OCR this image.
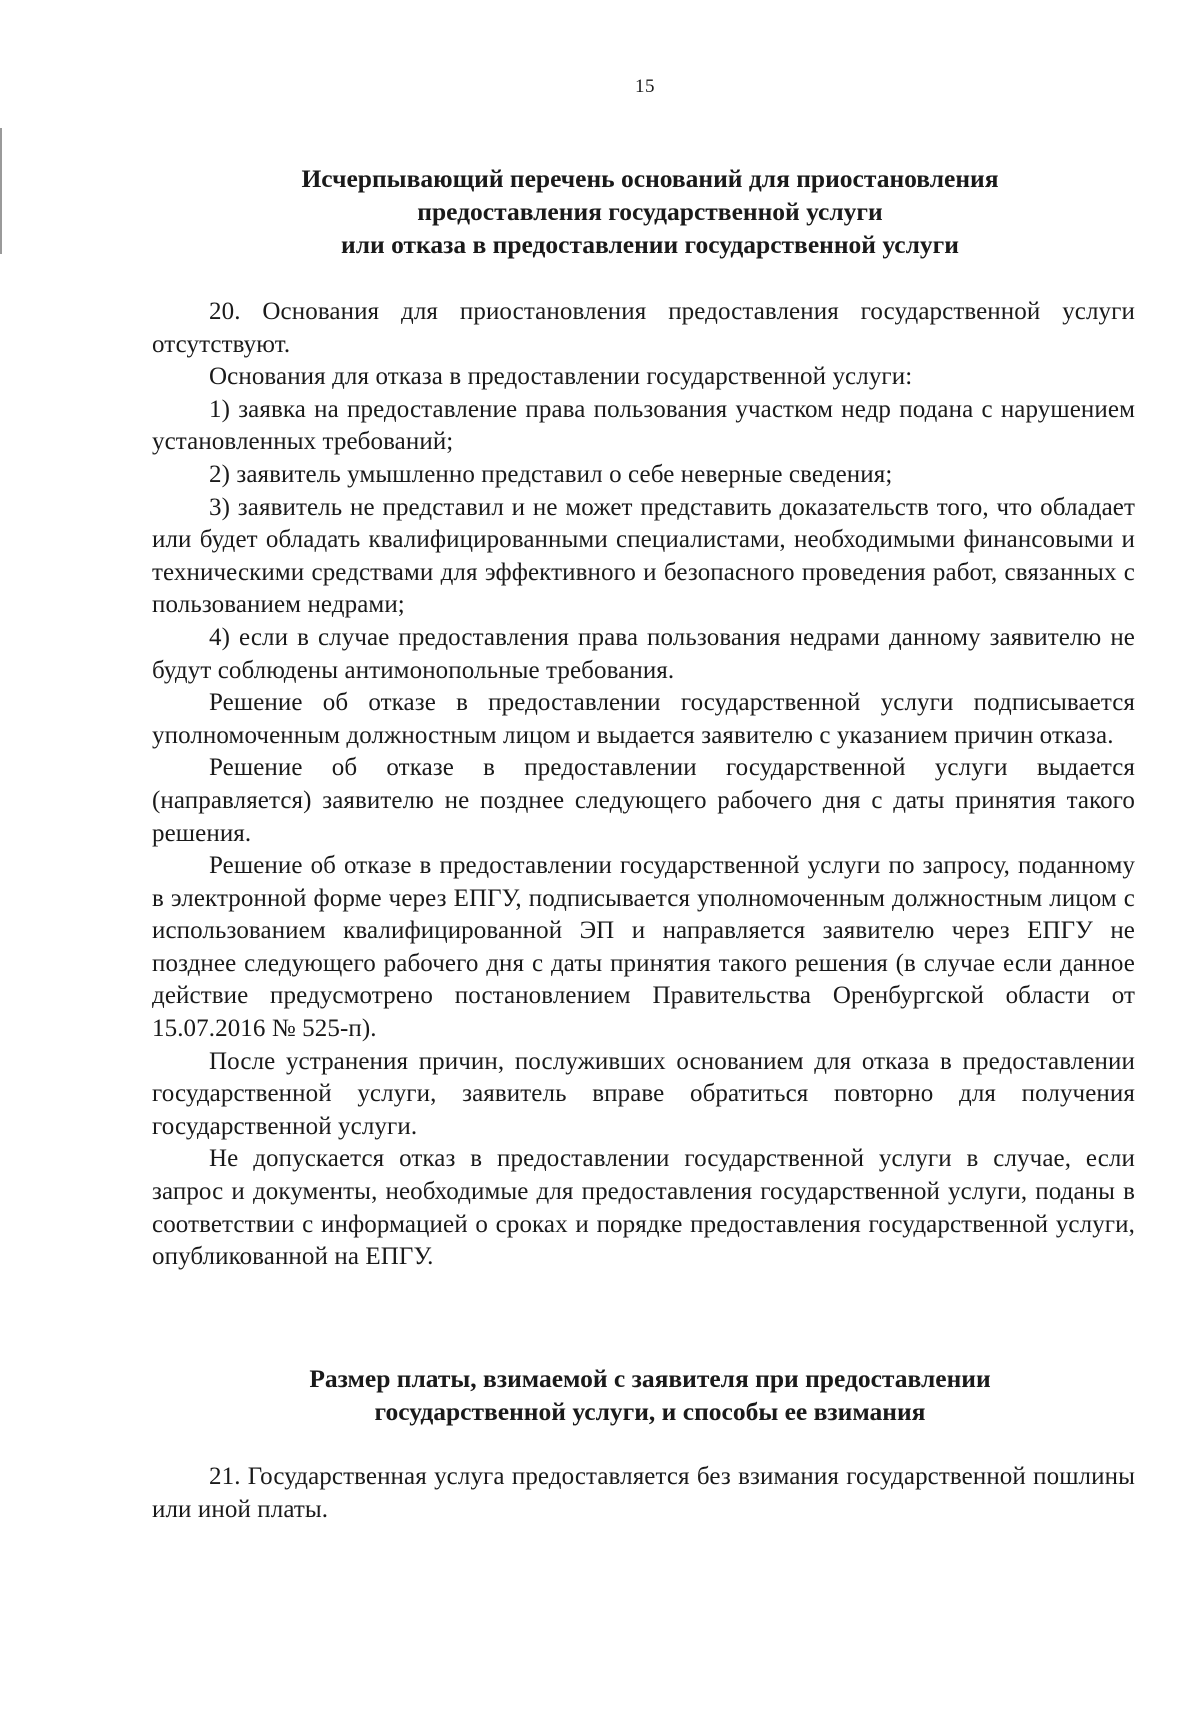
15
Исчерпывающий перечень оснований для приостановления
предоставления государственной услуги
или отказа в предоставлении государственной услуги

20. Основания для приостановления предоставления государственной услуги отсутствуют.

Основания для отказа в предоставлении государственной услуги:

1) заявка на предоставление права пользования участком недр подана с нарушением установленных требований;

2) заявитель умышленно представил о себе неверные сведения;

3) заявитель не представил и не может представить доказательств того, что обладает или будет обладать квалифицированными специалистами, необходимыми финансовыми и техническими средствами для эффективного и безопасного проведения работ, связанных с пользованием недрами;

4) если в случае предоставления права пользования недрами данному заявителю не будут соблюдены антимонопольные требования.

Решение об отказе в предоставлении государственной услуги подписывается уполномоченным должностным лицом и выдается заявителю с указанием причин отказа.

Решение об отказе в предоставлении государственной услуги выдается (направляется) заявителю не позднее следующего рабочего дня с даты принятия такого решения.

Решение об отказе в предоставлении государственной услуги по запросу, поданному в электронной форме через ЕПГУ, подписывается уполномоченным должностным лицом с использованием квалифицированной ЭП и направляется заявителю через ЕПГУ не позднее следующего рабочего дня с даты принятия такого решения (в случае если данное действие предусмотрено постановлением Правительства Оренбургской области от 15.07.2016 № 525-п).

После устранения причин, послуживших основанием для отказа в предоставлении государственной услуги, заявитель вправе обратиться повторно для получения государственной услуги.

Не допускается отказ в предоставлении государственной услуги в случае, если запрос и документы, необходимые для предоставления государственной услуги, поданы в соответствии с информацией о сроках и порядке предоставления государственной услуги, опубликованной на ЕПГУ.

Размер платы, взимаемой с заявителя при предоставлении
государственной услуги, и способы ее взимания

21. Государственная услуга предоставляется без взимания государственной пошлины или иной платы.
